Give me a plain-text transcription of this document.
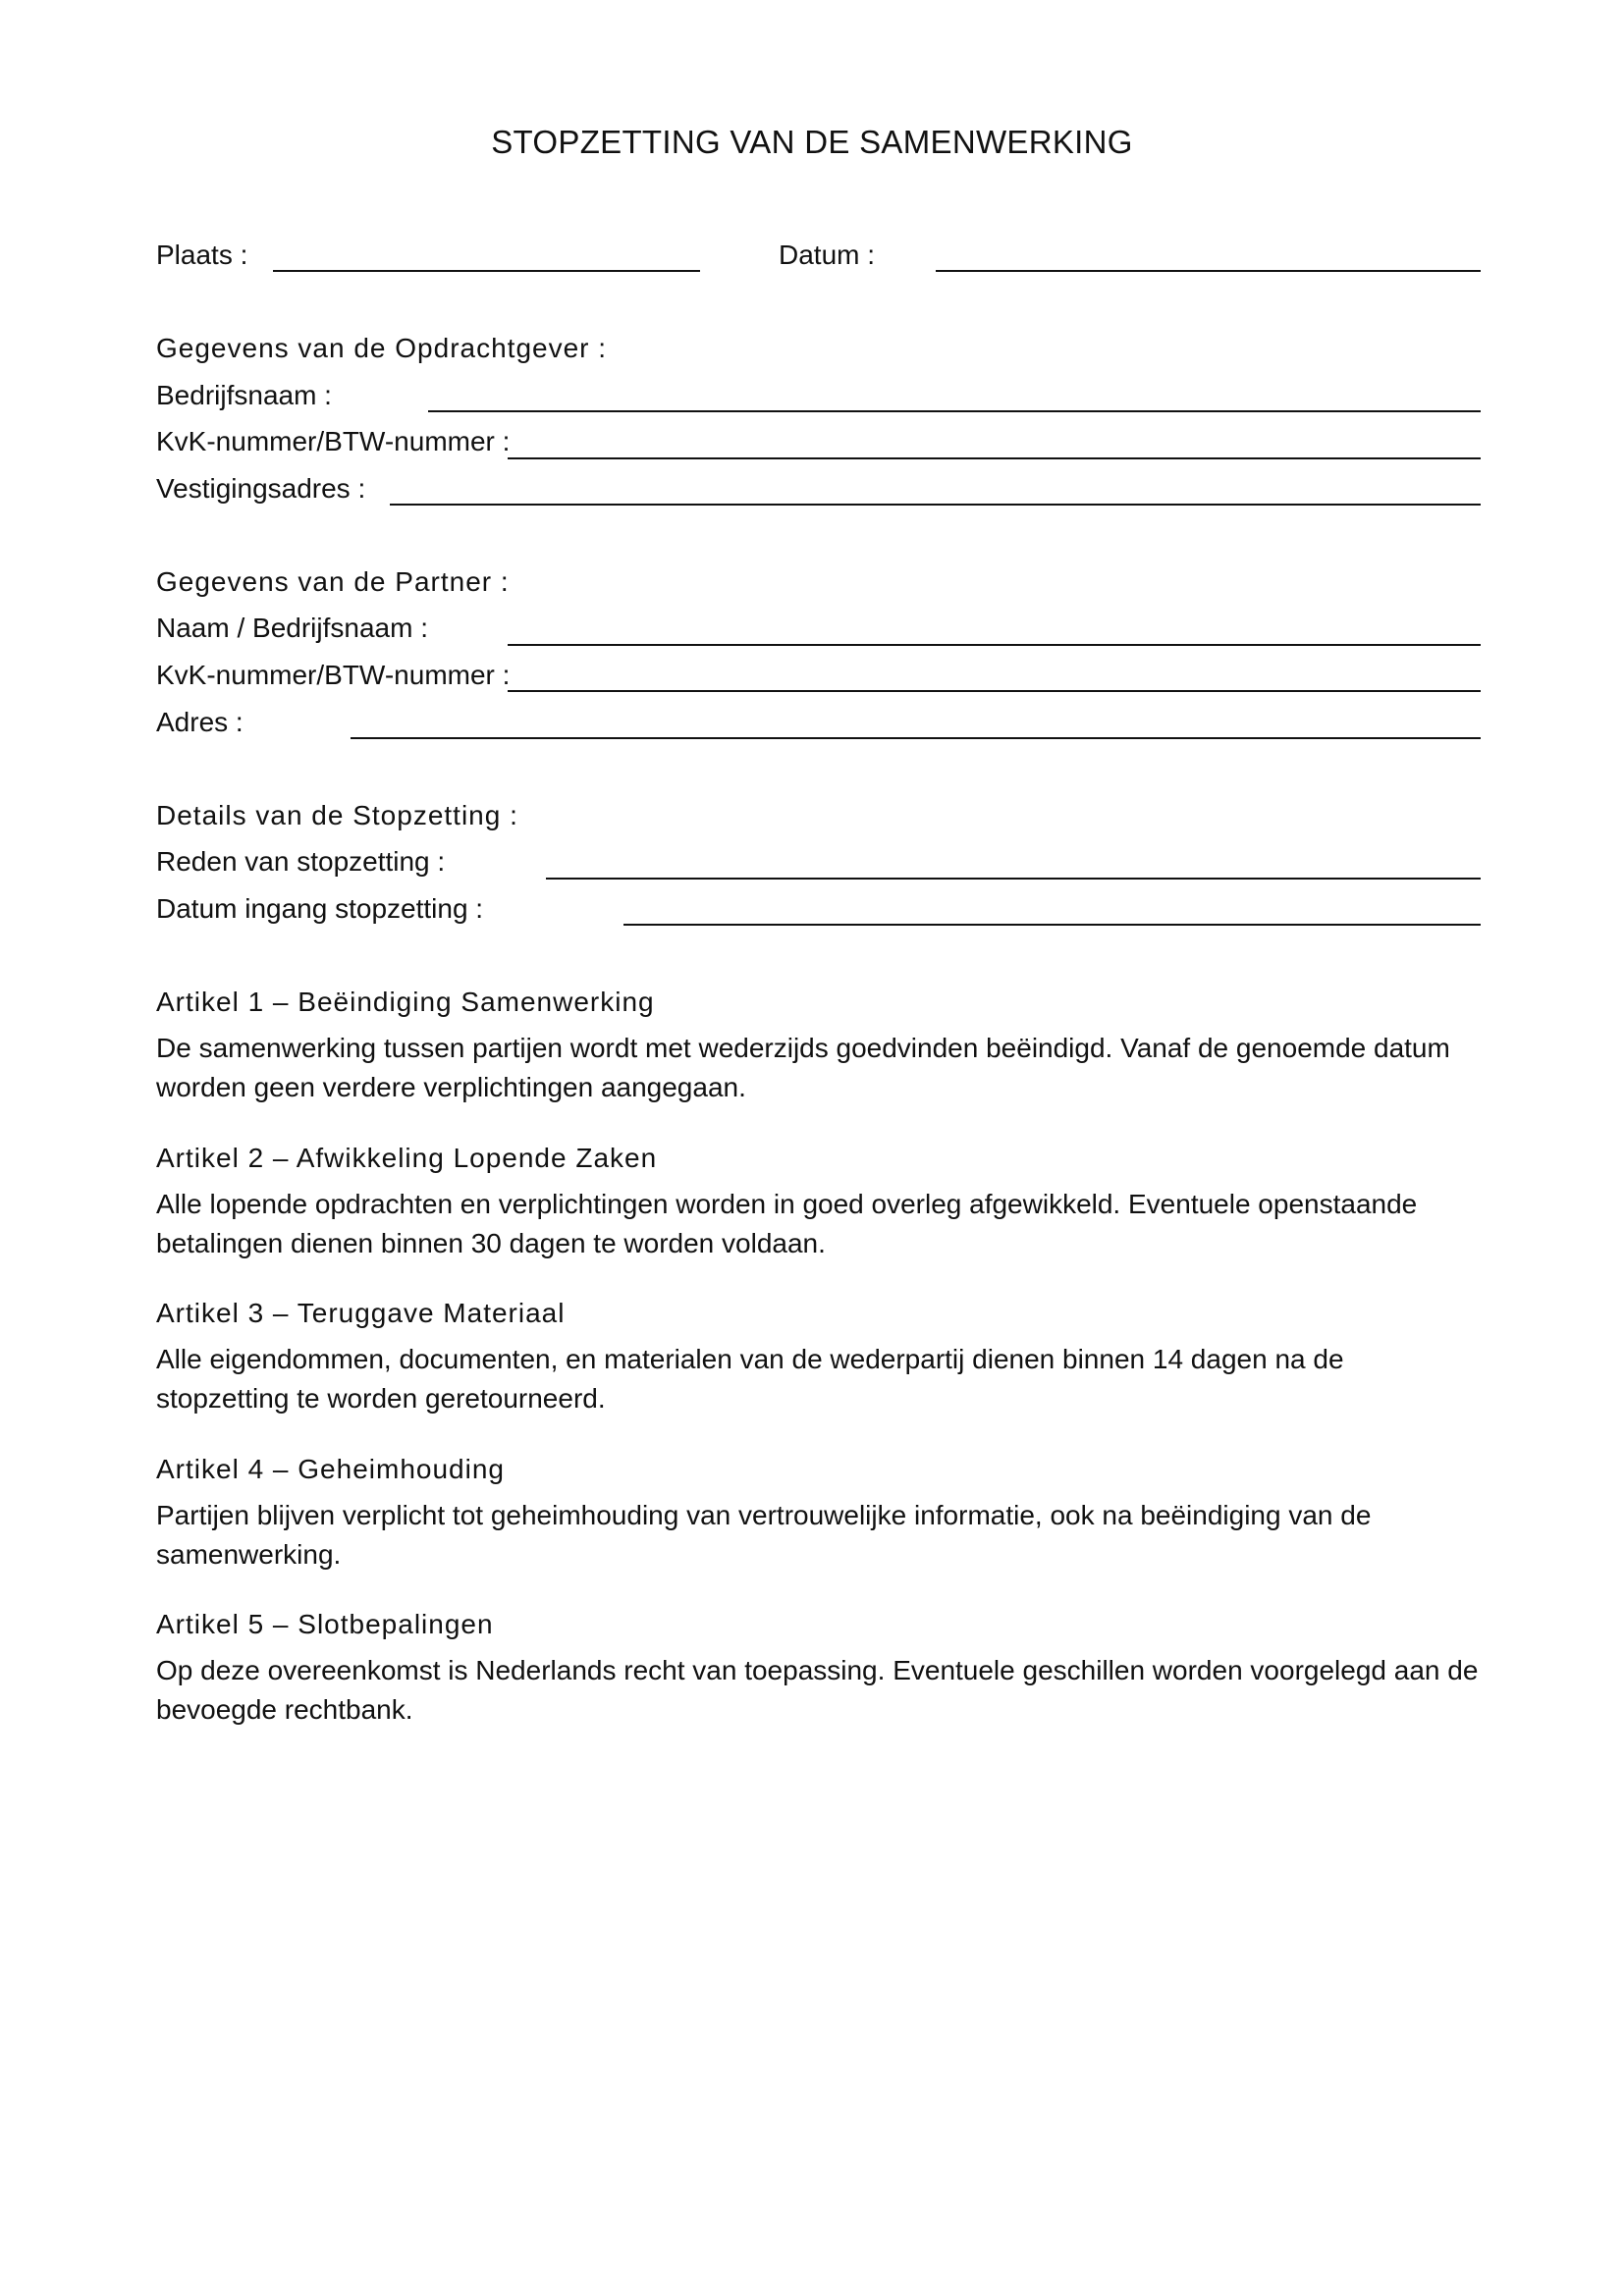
STOPZETTING VAN DE SAMENWERKING
Plaats :	Datum :
Gegevens van de Opdrachtgever :
Bedrijfsnaam :
KvK-nummer/BTW-nummer :
Vestigingsadres :
Gegevens van de Partner :
Naam / Bedrijfsnaam :
KvK-nummer/BTW-nummer :
Adres :
Details van de Stopzetting :
Reden van stopzetting :
Datum ingang stopzetting :
Artikel 1 – Beëindiging Samenwerking
De samenwerking tussen partijen wordt met wederzijds goedvinden beëindigd. Vanaf de genoemde datum worden geen verdere verplichtingen aangegaan.
Artikel 2 – Afwikkeling Lopende Zaken
Alle lopende opdrachten en verplichtingen worden in goed overleg afgewikkeld. Eventuele openstaande betalingen dienen binnen 30 dagen te worden voldaan.
Artikel 3 – Teruggave Materiaal
Alle eigendommen, documenten, en materialen van de wederpartij dienen binnen 14 dagen na de stopzetting te worden geretourneerd.
Artikel 4 – Geheimhouding
Partijen blijven verplicht tot geheimhouding van vertrouwelijke informatie, ook na beëindiging van de samenwerking.
Artikel 5 – Slotbepalingen
Op deze overeenkomst is Nederlands recht van toepassing. Eventuele geschillen worden voorgelegd aan de bevoegde rechtbank.
